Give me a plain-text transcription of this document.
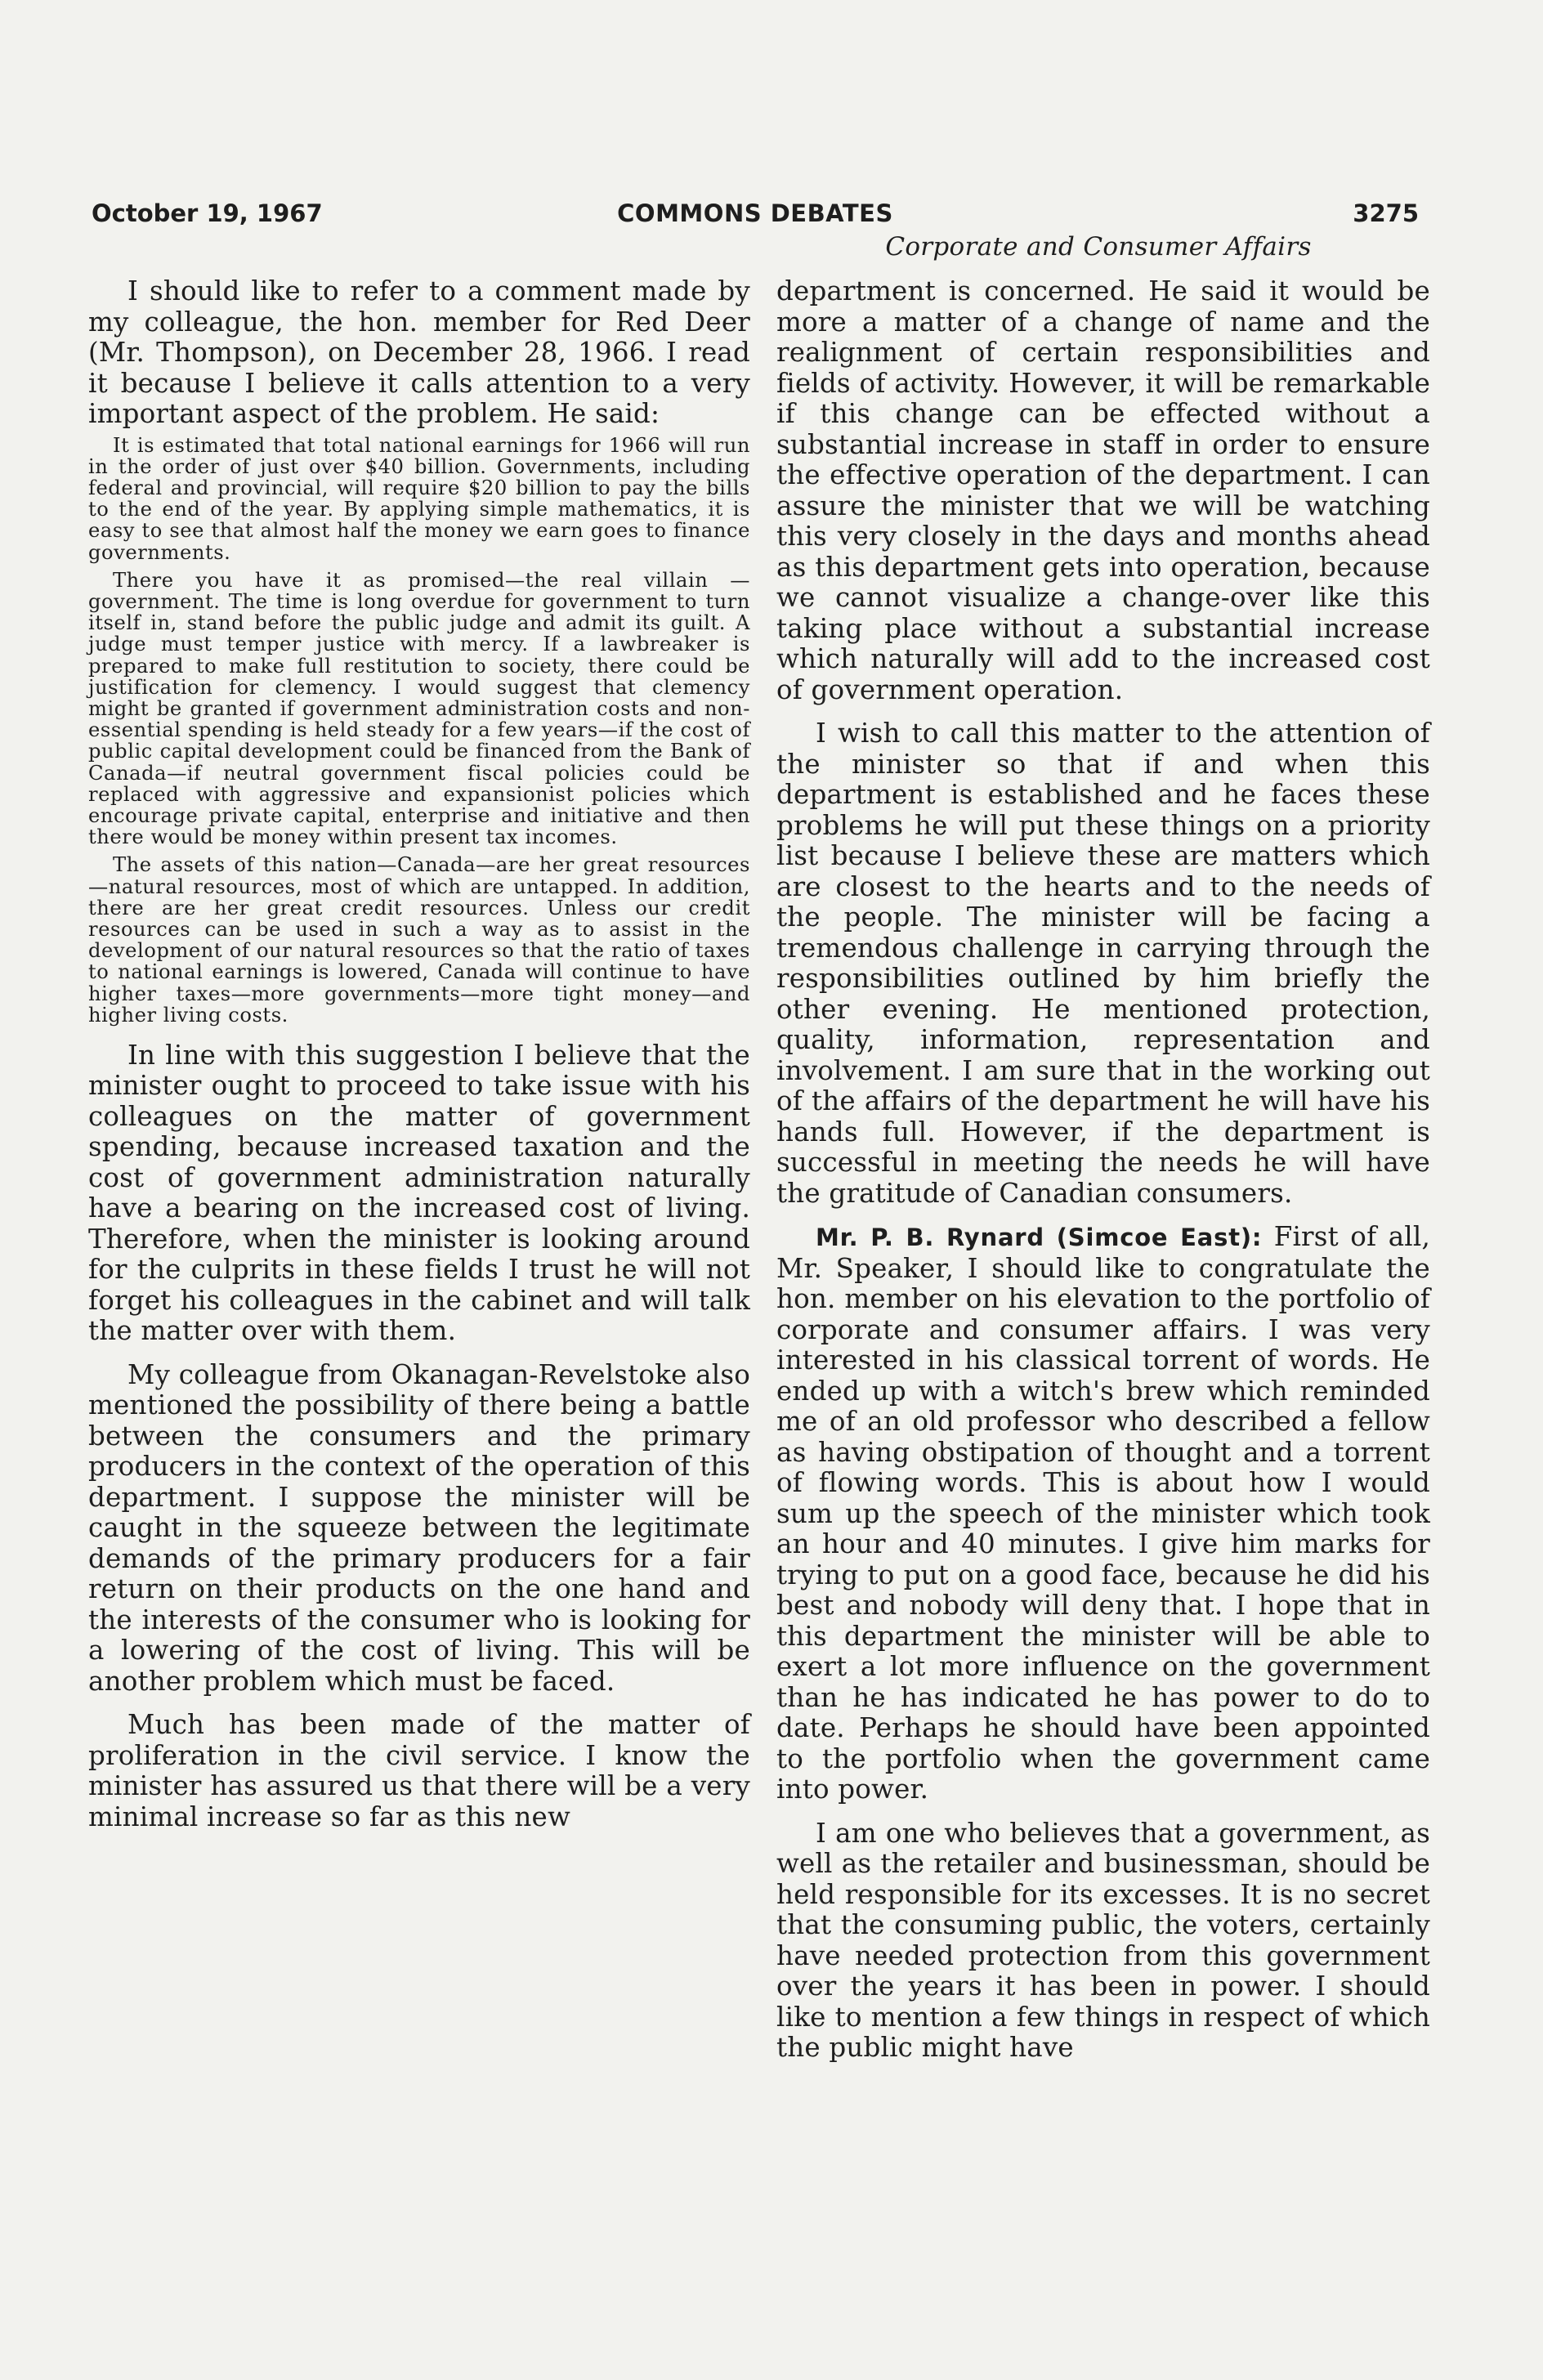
October 19, 1967	COMMONS DEBATES	3275
Corporate and Consumer Affairs

I should like to refer to a comment made by my colleague, the hon. member for Red Deer (Mr. Thompson), on December 28, 1966. I read it because I believe it calls attention to a very important aspect of the problem. He said:

It is estimated that total national earnings for 1966 will run in the order of just over $40 billion. Governments, including federal and provincial, will require $20 billion to pay the bills to the end of the year. By applying simple mathematics, it is easy to see that almost half the money we earn goes to finance governments.

There you have it as promised—the real villain —government. The time is long overdue for government to turn itself in, stand before the public judge and admit its guilt. A judge must temper justice with mercy. If a lawbreaker is prepared to make full restitution to society, there could be justification for clemency. I would suggest that clemency might be granted if government administration costs and non-essential spending is held steady for a few years—if the cost of public capital development could be financed from the Bank of Canada—if neutral government fiscal policies could be replaced with aggressive and expansionist policies which encourage private capital, enterprise and initiative and then there would be money within present tax incomes.

The assets of this nation—Canada—are her great resources—natural resources, most of which are untapped. In addition, there are her great credit resources. Unless our credit resources can be used in such a way as to assist in the development of our natural resources so that the ratio of taxes to national earnings is lowered, Canada will continue to have higher taxes—more governments—more tight money—and higher living costs.

In line with this suggestion I believe that the minister ought to proceed to take issue with his colleagues on the matter of government spending, because increased taxation and the cost of government administration naturally have a bearing on the increased cost of living. Therefore, when the minister is looking around for the culprits in these fields I trust he will not forget his colleagues in the cabinet and will talk the matter over with them.

My colleague from Okanagan-Revelstoke also mentioned the possibility of there being a battle between the consumers and the primary producers in the context of the operation of this department. I suppose the minister will be caught in the squeeze between the legitimate demands of the primary producers for a fair return on their products on the one hand and the interests of the consumer who is looking for a lowering of the cost of living. This will be another problem which must be faced.

Much has been made of the matter of proliferation in the civil service. I know the minister has assured us that there will be a very minimal increase so far as this new

department is concerned. He said it would be more a matter of a change of name and the realignment of certain responsibilities and fields of activity. However, it will be remarkable if this change can be effected without a substantial increase in staff in order to ensure the effective operation of the department. I can assure the minister that we will be watching this very closely in the days and months ahead as this department gets into operation, because we cannot visualize a change-over like this taking place without a substantial increase which naturally will add to the increased cost of government operation.

I wish to call this matter to the attention of the minister so that if and when this department is established and he faces these problems he will put these things on a priority list because I believe these are matters which are closest to the hearts and to the needs of the people. The minister will be facing a tremendous challenge in carrying through the responsibilities outlined by him briefly the other evening. He mentioned protection, quality, information, representation and involvement. I am sure that in the working out of the affairs of the department he will have his hands full. However, if the department is successful in meeting the needs he will have the gratitude of Canadian consumers.

Mr. P. B. Rynard (Simcoe East): First of all, Mr. Speaker, I should like to congratulate the hon. member on his elevation to the portfolio of corporate and consumer affairs. I was very interested in his classical torrent of words. He ended up with a witch's brew which reminded me of an old professor who described a fellow as having obstipation of thought and a torrent of flowing words. This is about how I would sum up the speech of the minister which took an hour and 40 minutes. I give him marks for trying to put on a good face, because he did his best and nobody will deny that. I hope that in this department the minister will be able to exert a lot more influence on the government than he has indicated he has power to do to date. Perhaps he should have been appointed to the portfolio when the government came into power.

I am one who believes that a government, as well as the retailer and businessman, should be held responsible for its excesses. It is no secret that the consuming public, the voters, certainly have needed protection from this government over the years it has been in power. I should like to mention a few things in respect of which the public might have
